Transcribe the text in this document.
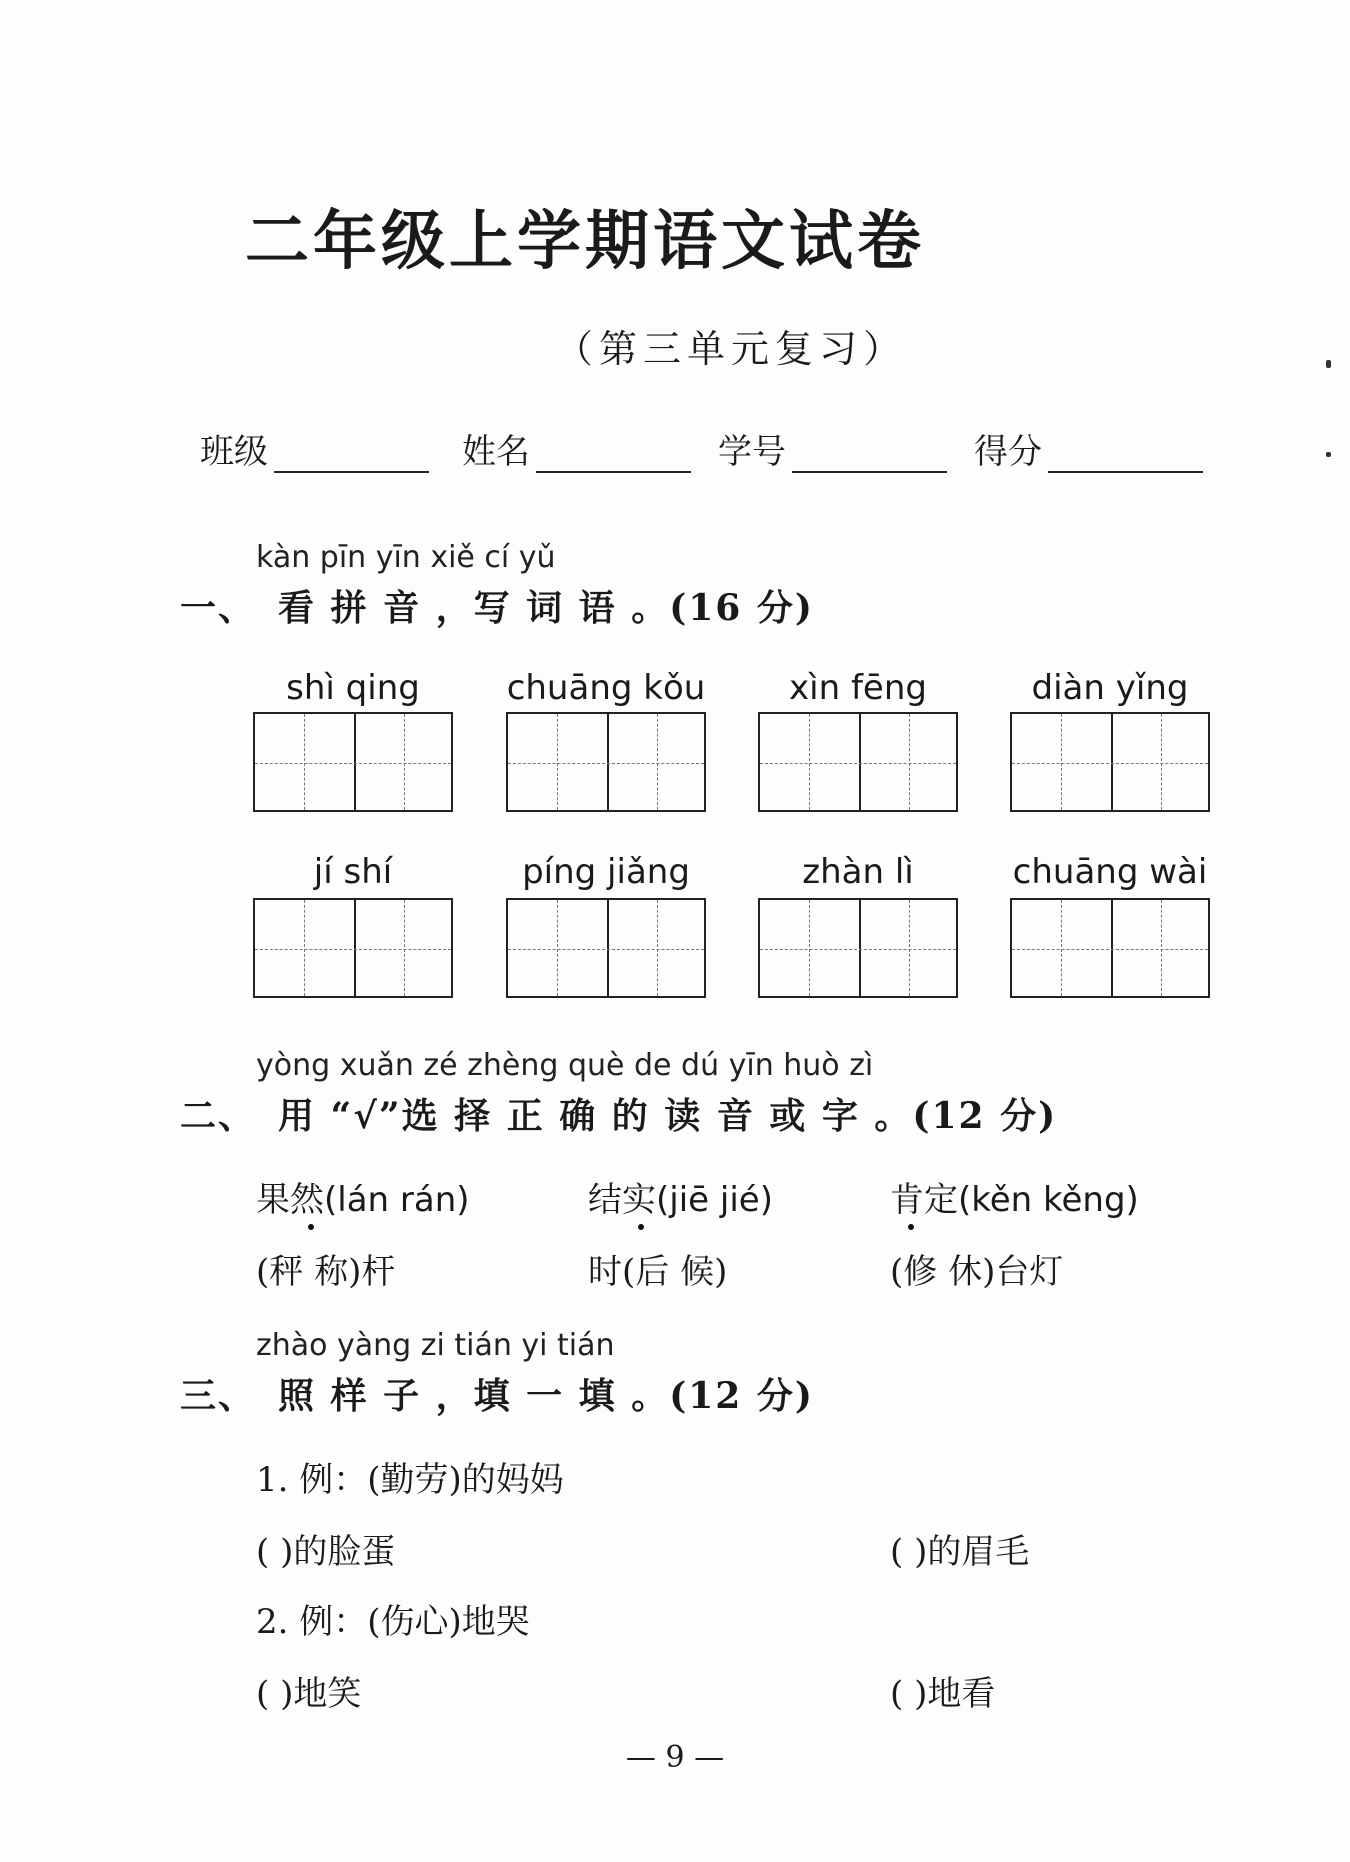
二年级上学期语文试卷
（第三单元复习）
班级	姓名	学号	得分
kàn pīn yīn xiě cí yǔ
一、 看 拼 音 ，写 词 语 。(16 分)
shì qing	chuāng kǒu	xìn fēng	diàn yǐng
jí shí	píng jiǎng	zhàn lì	chuāng wài
yòng xuǎn zé zhèng què de dú yīn huò zì
二、 用 “√”选 择 正 确 的 读 音 或 字 。(12 分)
果然(lán rán)	结实(jiē jié)	肯定(kěn kěng)
(秤 称)杆	时(后 候)	(修 休)台灯
zhào yàng zi tián yi tián
三、 照 样 子 ，填 一 填 。(12 分)
1. 例：(勤劳)的妈妈
( )的脸蛋	( )的眉毛
2. 例：(伤心)地哭
( )地笑	( )地看
— 9 —
